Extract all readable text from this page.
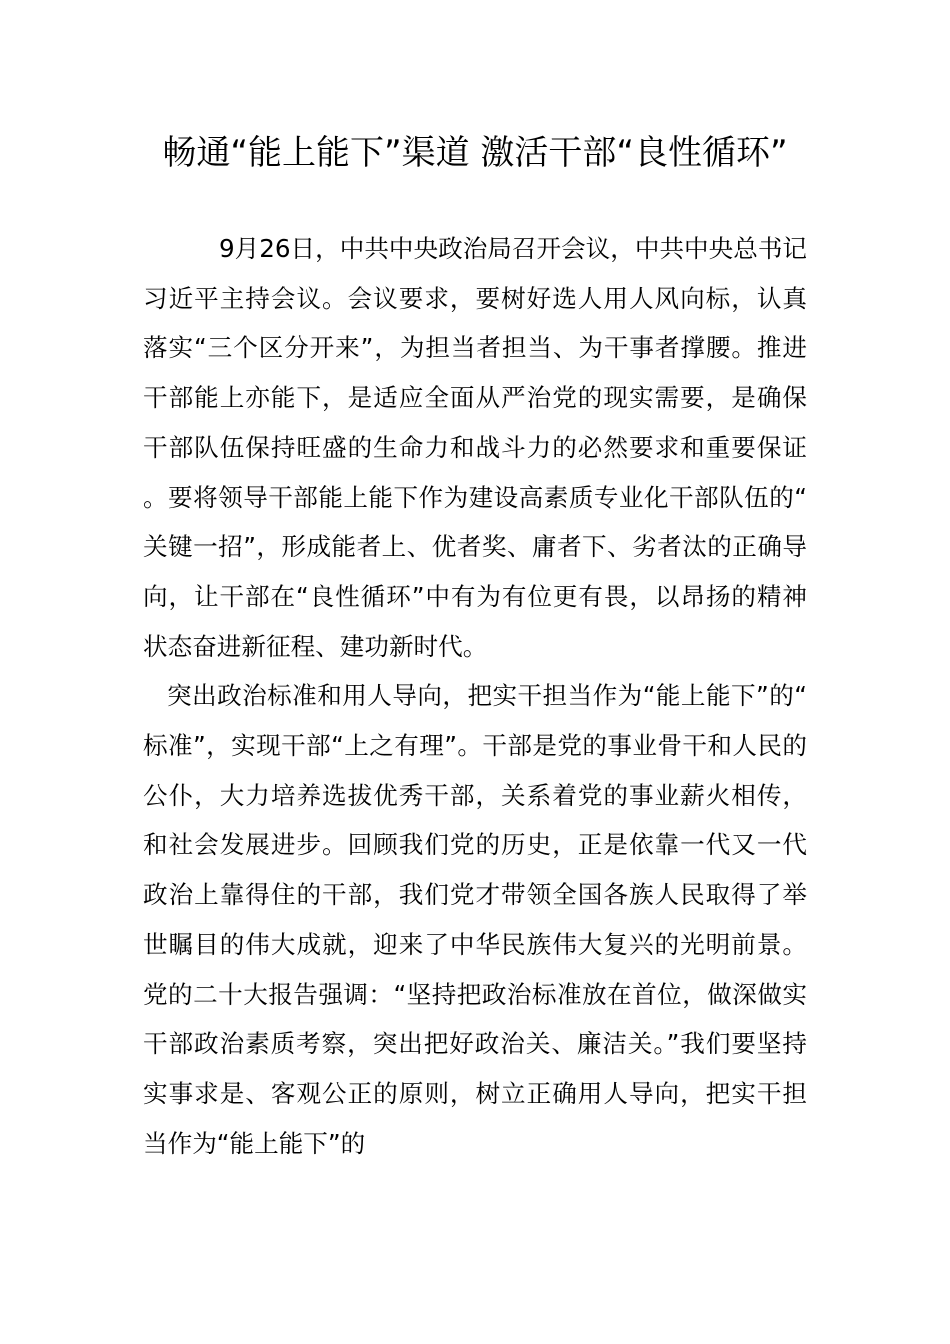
畅通“能上能下”渠道 激活干部“良性循环”

9月26日，中共中央政治局召开会议，中共中央总书记习近平主持会议。会议要求，要树好选人用人风向标，认真落实“三个区分开来”，为担当者担当、为干事者撑腰。推进干部能上亦能下，是适应全面从严治党的现实需要，是确保干部队伍保持旺盛的生命力和战斗力的必然要求和重要保证。要将领导干部能上能下作为建设高素质专业化干部队伍的“关键一招”，形成能者上、优者奖、庸者下、劣者汰的正确导向，让干部在“良性循环”中有为有位更有畏，以昂扬的精神状态奋进新征程、建功新时代。

突出政治标准和用人导向，把实干担当作为“能上能下”的“标准”，实现干部“上之有理”。干部是党的事业骨干和人民的公仆，大力培养选拔优秀干部，关系着党的事业薪火相传，和社会发展进步。回顾我们党的历史，正是依靠一代又一代政治上靠得住的干部，我们党才带领全国各族人民取得了举世瞩目的伟大成就，迎来了中华民族伟大复兴的光明前景。党的二十大报告强调：“坚持把政治标准放在首位，做深做实干部政治素质考察，突出把好政治关、廉洁关。”我们要坚持实事求是、客观公正的原则，树立正确用人导向，把实干担当作为“能上能下”的
